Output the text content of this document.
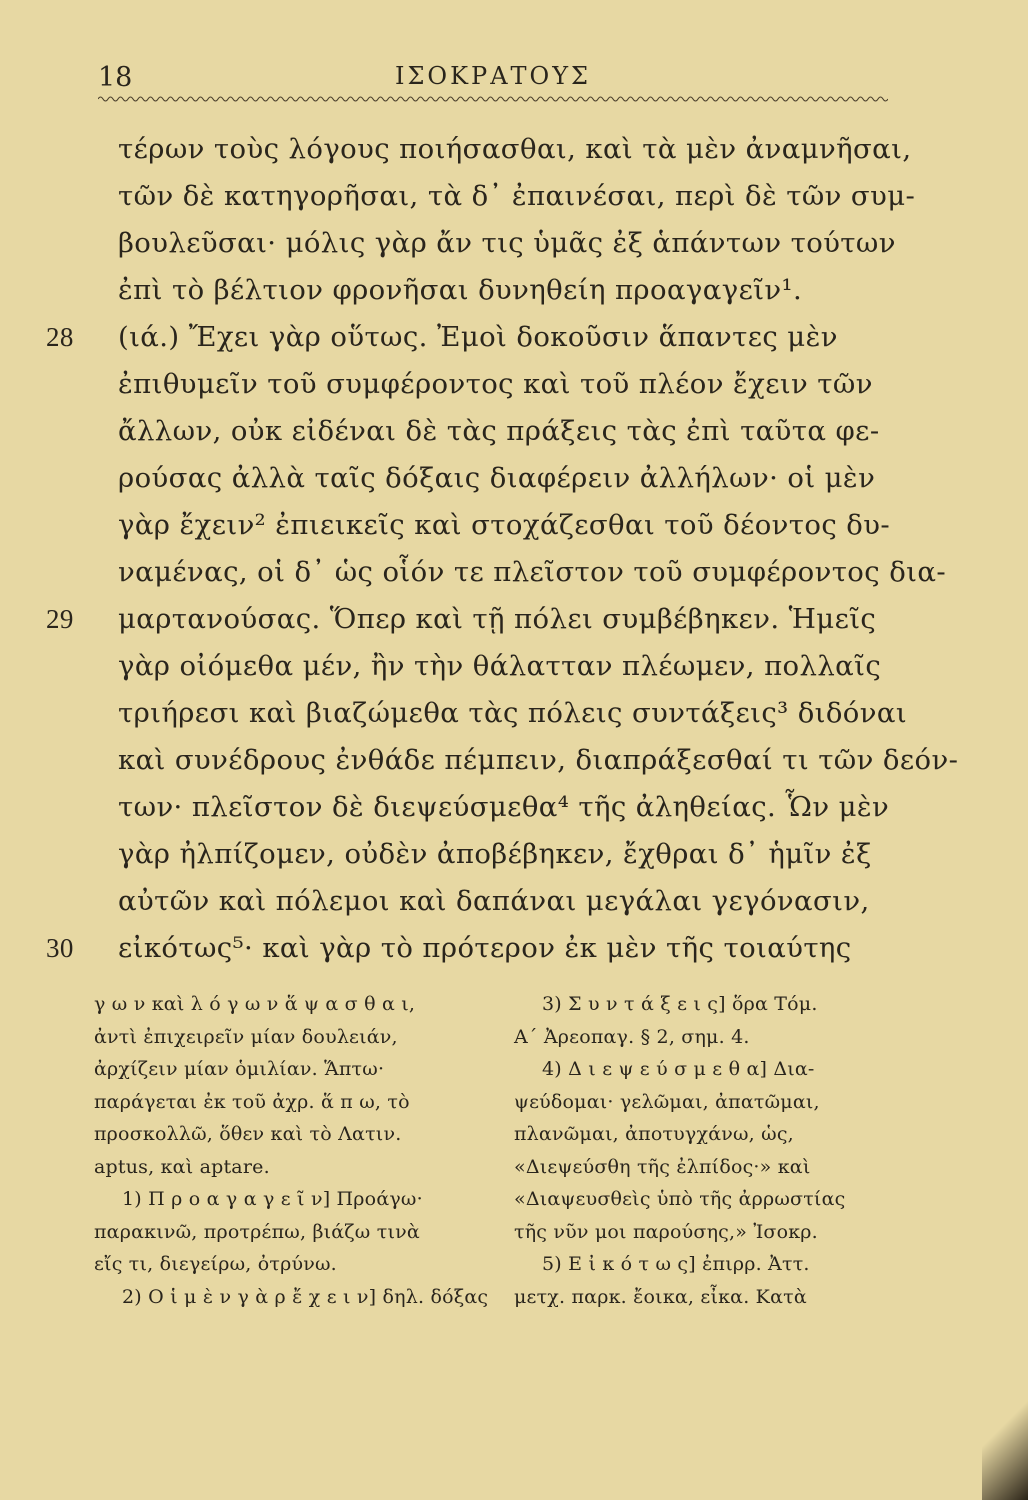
18	ΙΣΟΚΡΑΤΟΥΣ
τέρων τοὺς λόγους ποιήσασθαι, καὶ τὰ μὲν ἀναμνῆσαι,
τῶν δὲ κατηγορῆσαι, τὰ δ᾽ ἐπαινέσαι, περὶ δὲ τῶν συμ-
βουλεῦσαι· μόλις γὰρ ἄν τις ὑμᾶς ἐξ ἁπάντων τούτων
ἐπὶ τὸ βέλτιον φρονῆσαι δυνηθείη προαγαγεῖν¹.
28 (ιά.) Ἔχει γὰρ οὕτως. Ἐμοὶ δοκοῦσιν ἅπαντες μὲν
ἐπιθυμεῖν τοῦ συμφέροντος καὶ τοῦ πλέον ἔχειν τῶν
ἄλλων, οὐκ εἰδέναι δὲ τὰς πράξεις τὰς ἐπὶ ταῦτα φε-
ρούσας ἀλλὰ ταῖς δόξαις διαφέρειν ἀλλήλων· οἱ μὲν
γὰρ ἔχειν² ἐπιεικεῖς καὶ στοχάζεσθαι τοῦ δέοντος δυ-
ναμένας, οἱ δ᾽ ὡς οἷόν τε πλεῖστον τοῦ συμφέροντος δια-
29 μαρτανούσας. Ὅπερ καὶ τῇ πόλει συμβέβηκεν. Ἡμεῖς
γὰρ οἰόμεθα μέν, ἢν τὴν θάλατταν πλέωμεν, πολλαῖς
τριήρεσι καὶ βιαζώμεθα τὰς πόλεις συντάξεις³ διδόναι
καὶ συνέδρους ἐνθάδε πέμπειν, διαπράξεσθαί τι τῶν δεόν-
των· πλεῖστον δὲ διεψεύσμεθα⁴ τῆς ἀληθείας. Ὧν μὲν
γὰρ ἠλπίζομεν, οὐδὲν ἀποβέβηκεν, ἔχθραι δ᾽ ἡμῖν ἐξ
αὐτῶν καὶ πόλεμοι καὶ δαπάναι μεγάλαι γεγόνασιν,
30 εἰκότως⁵· καὶ γὰρ τὸ πρότερον ἐκ μὲν τῆς τοιαύτης
γ ω ν καὶ λ ό γ ω ν ἅ ψ α σ θ α ι,
ἀντὶ ἐπιχειρεῖν μίαν δουλειάν,
ἀρχίζειν μίαν ὁμιλίαν. Ἅπτω·
παράγεται ἐκ τοῦ ἀχρ. ἅ π ω, τὸ
προσκολλῶ, ὅθεν καὶ τὸ Λατιν.
aptus, καὶ aptare.
1) Π ρ ο α γ α γ ε ῖ ν] Προάγω·
παρακινῶ, προτρέπω, βιάζω τινὰ
εἴς τι, διεγείρω, ὀτρύνω.
2) Ο ἱ μ ὲ ν γ ὰ ρ ἔ χ ε ι ν] δηλ. δόξας
3) Σ υ ν τ ά ξ ε ι ς] ὅρα Τόμ.
Α΄ Ἀρεοπαγ. § 2, σημ. 4.
4) Δ ι ε ψ ε ύ σ μ ε θ α] Δια-
ψεύδομαι· γελῶμαι, ἀπατῶμαι,
πλανῶμαι, ἀποτυγχάνω, ὡς,
«Διεψεύσθη τῆς ἐλπίδος·» καὶ
«Διαψευσθεὶς ὑπὸ τῆς ἀρρωστίας
τῆς νῦν μοι παρούσης,» Ἰσοκρ.
5) Ε ἰ κ ό τ ω ς] ἐπιρρ. Ἀττ.
μετχ. παρκ. ἔοικα, εἶκα. Κατὰ
